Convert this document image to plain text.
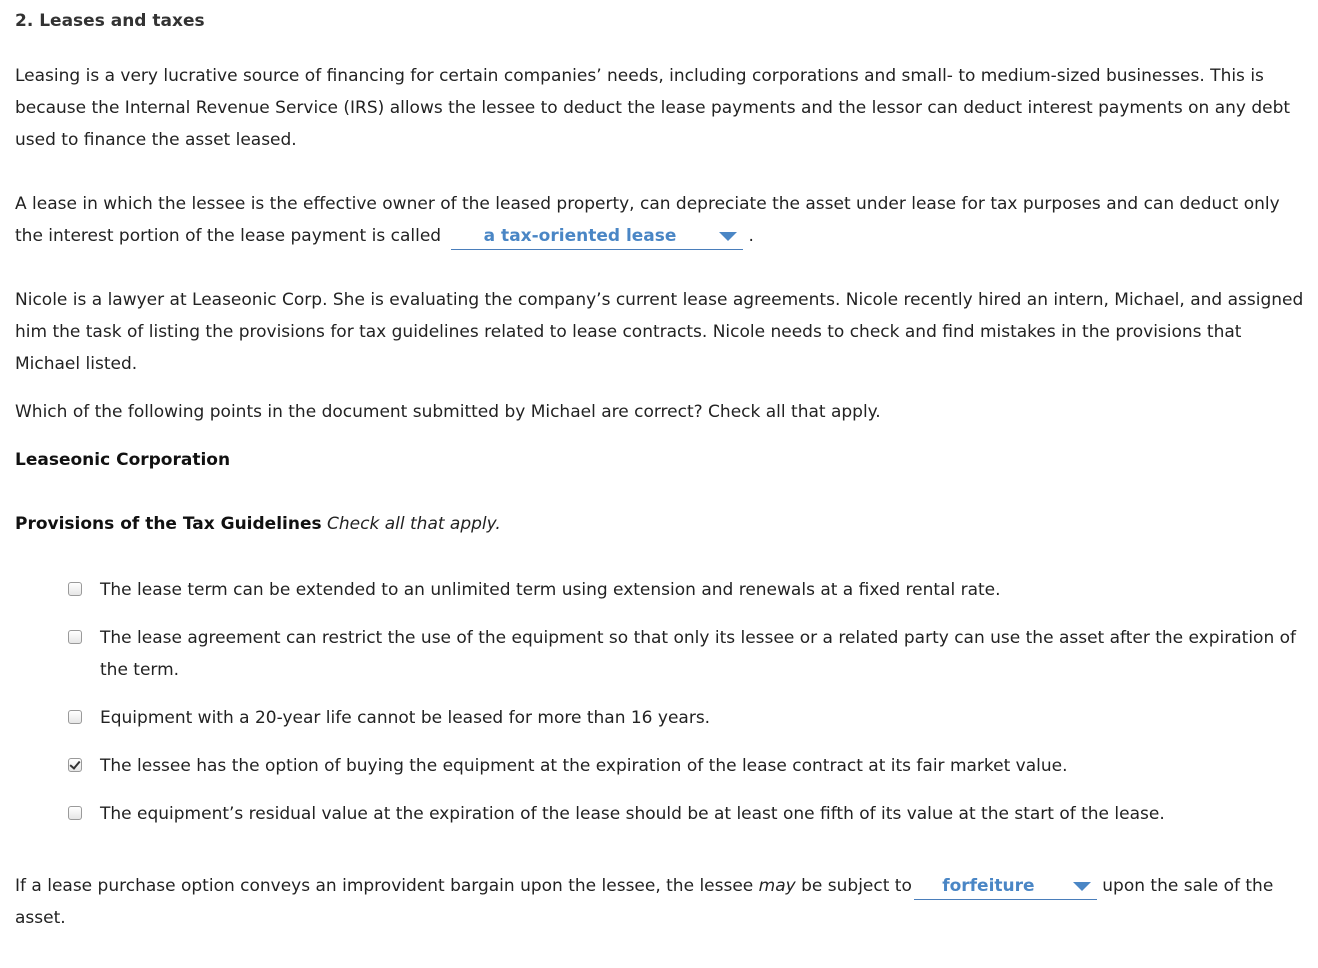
2. Leases and taxes

Leasing is a very lucrative source of financing for certain companies’ needs, including corporations and small- to medium-sized businesses. This is because the Internal Revenue Service (IRS) allows the lessee to deduct the lease payments and the lessor can deduct interest payments on any debt used to finance the asset leased.

A lease in which the lessee is the effective owner of the leased property, can depreciate the asset under lease for tax purposes and can deduct only the interest portion of the lease payment is called	a tax-oriented lease	.

Nicole is a lawyer at Leaseonic Corp. She is evaluating the company’s current lease agreements. Nicole recently hired an intern, Michael, and assigned him the task of listing the provisions for tax guidelines related to lease contracts. Nicole needs to check and find mistakes in the provisions that Michael listed.

Which of the following points in the document submitted by Michael are correct? Check all that apply.

Leaseonic Corporation

Provisions of the Tax Guidelines Check all that apply.

The lease term can be extended to an unlimited term using extension and renewals at a fixed rental rate.
The lease agreement can restrict the use of the equipment so that only its lessee or a related party can use the asset after the expiration of the term.
Equipment with a 20-year life cannot be leased for more than 16 years.
The lessee has the option of buying the equipment at the expiration of the lease contract at its fair market value.
The equipment’s residual value at the expiration of the lease should be at least one fifth of its value at the start of the lease.

If a lease purchase option conveys an improvident bargain upon the lessee, the lessee may be subject to forfeiture	upon the sale of the asset.
